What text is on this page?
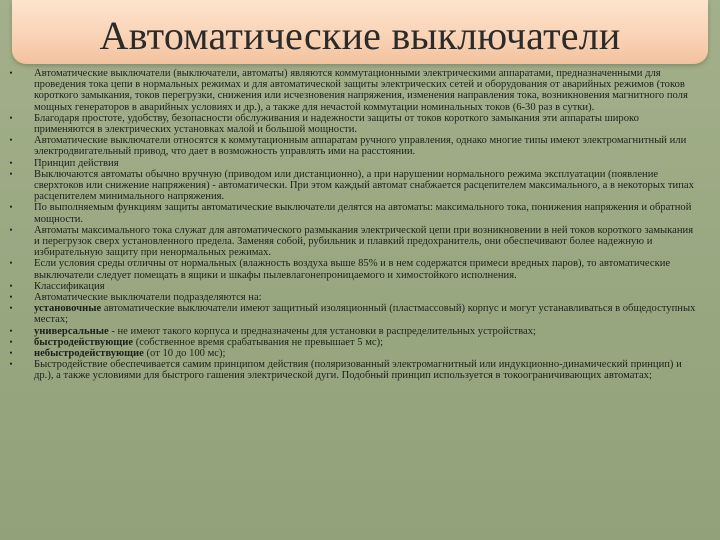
Автоматические выключатели
•	Автоматические выключатели (выключатели, автоматы) являются коммутационными электрическими аппаратами, предназначенными для проведения тока цепи в нормальных режимах и для автоматической защиты электрических сетей и оборудования от аварийных режимов (токов короткого замыкания, токов перегрузки, снижения или исчезновения напряжения, изменения направления тока, возникновения магнитного поля мощных генераторов в аварийных условиях и др.), а также для нечастой коммутации номинальных токов (6-30 раз в сутки).
•	Благодаря простоте, удобству, безопасности обслуживания и надежности защиты от токов короткого замыкания эти аппараты широко применяются в электрических установках малой и большой мощности.
•	Автоматические выключатели относятся к коммутационным аппаратам ручного управления, однако многие типы имеют электромагнитный или электродвигательный привод, что дает в возможность управлять ими на расстоянии.
•	Принцип действия
•	Выключаются автоматы обычно вручную (приводом или дистанционно), а при нарушении нормального режима эксплуатации (появление сверхтоков или снижение напряжения) - автоматически. При этом каждый автомат снабжается расцепителем максимального, а в некоторых типах расцепителем минимального напряжения.
•	По выполняемым функциям защиты автоматические выключатели делятся на автоматы: максимального тока, понижения напряжения и обратной мощности.
•	Автоматы максимального тока служат для автоматического размыкания электрической цепи при возникновении в ней токов короткого замыкания и перегрузок сверх установленного предела. Заменяя собой, рубильник и плавкий предохранитель, они обеспечивают более надежную и избирательную защиту при ненормальных режимах.
•	Если условия среды отличны от нормальных (влажность воздуха выше 85% и в нем содержатся примеси вредных паров), то автоматические выключатели следует помещать в ящики и шкафы пылевлагонепроницаемого и химостойкого исполнения.
•	Классификация
•	Автоматические выключатели подразделяются на:
•	установочные автоматические выключатели имеют защитный изоляционный (пластмассовый) корпус и могут устанавливаться в общедоступных местах;
•	универсальные - не имеют такого корпуса и предназначены для установки в распределительных устройствах;
•	быстродействующие (собственное время срабатывания не превышает 5 мс);
•	небыстродействующие (от 10 до 100 мс);
•	Быстродействие обеспечивается самим принципом действия (поляризованный электромагнитный или индукционно-динамический принцип) и др.), а также условиями для быстрого гашения электрической дуги. Подобный принцип используется в токоограничивающих автоматах;
